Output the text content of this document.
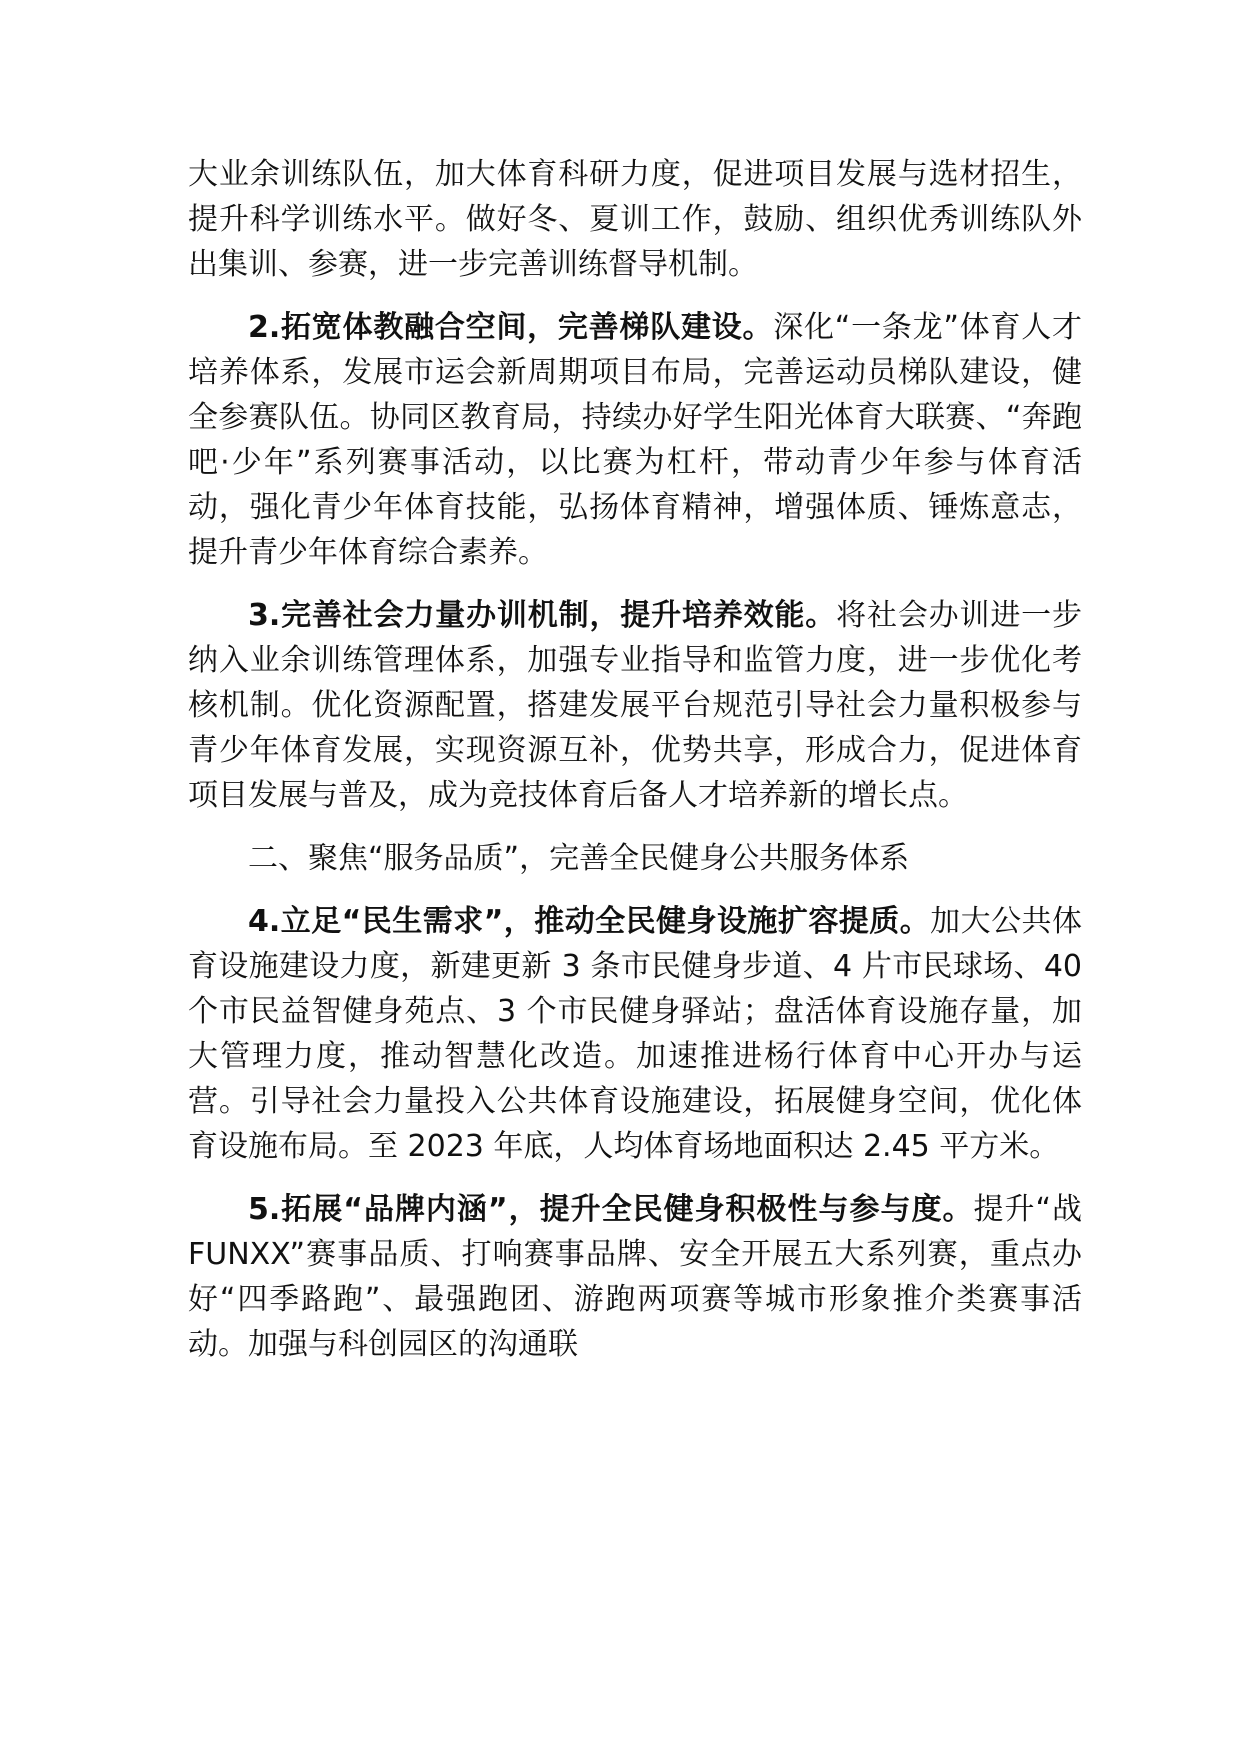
大业余训练队伍，加大体育科研力度，促进项目发展与选材招生，提升科学训练水平。做好冬、夏训工作，鼓励、组织优秀训练队外出集训、参赛，进一步完善训练督导机制。

2.拓宽体教融合空间，完善梯队建设。深化“一条龙”体育人才培养体系，发展市运会新周期项目布局，完善运动员梯队建设，健全参赛队伍。协同区教育局，持续办好学生阳光体育大联赛、“奔跑吧·少年”系列赛事活动，以比赛为杠杆，带动青少年参与体育活动，强化青少年体育技能，弘扬体育精神，增强体质、锤炼意志，提升青少年体育综合素养。

3.完善社会力量办训机制，提升培养效能。将社会办训进一步纳入业余训练管理体系，加强专业指导和监管力度，进一步优化考核机制。优化资源配置，搭建发展平台规范引导社会力量积极参与青少年体育发展，实现资源互补，优势共享，形成合力，促进体育项目发展与普及，成为竞技体育后备人才培养新的增长点。

二、聚焦“服务品质”，完善全民健身公共服务体系

4.立足“民生需求”，推动全民健身设施扩容提质。加大公共体育设施建设力度，新建更新 3 条市民健身步道、4 片市民球场、40 个市民益智健身苑点、3 个市民健身驿站；盘活体育设施存量，加大管理力度，推动智慧化改造。加速推进杨行体育中心开办与运营。引导社会力量投入公共体育设施建设，拓展健身空间，优化体育设施布局。至 2023 年底，人均体育场地面积达 2.45 平方米。

5.拓展“品牌内涵”，提升全民健身积极性与参与度。提升“战 FUNXX”赛事品质、打响赛事品牌、安全开展五大系列赛，重点办好“四季路跑”、最强跑团、游跑两项赛等城市形象推介类赛事活动。加强与科创园区的沟通联
